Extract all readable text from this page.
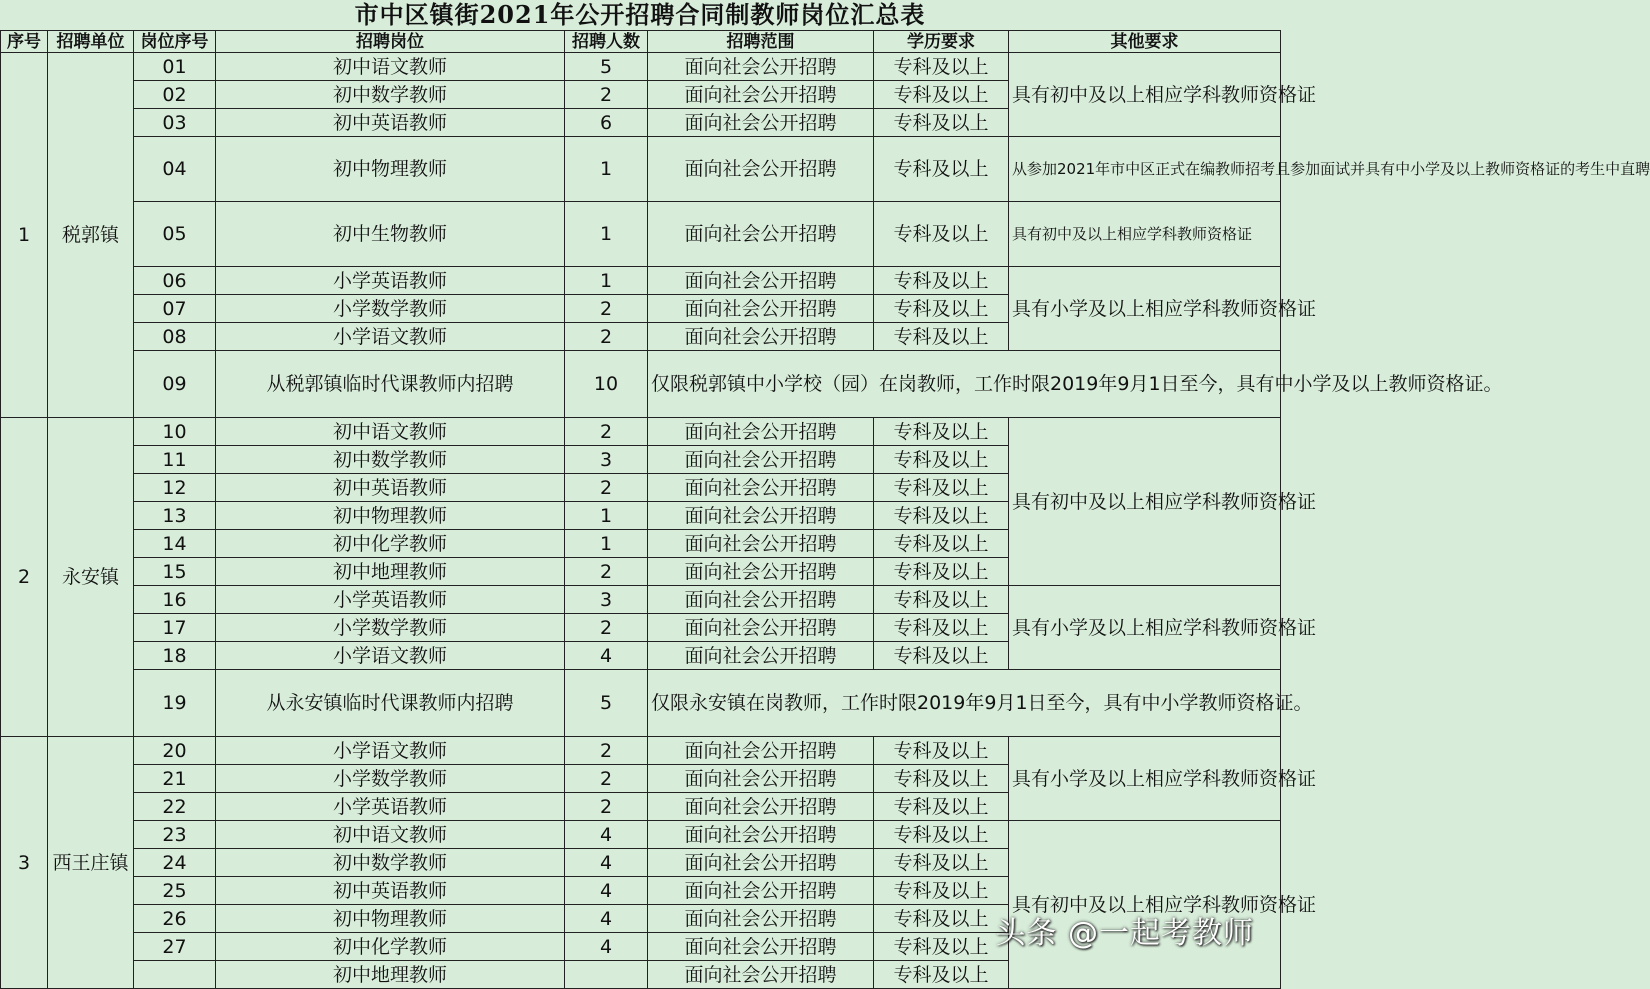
市中区镇街2021年公开招聘合同制教师岗位汇总表
序号	招聘单位	岗位序号	招聘岗位	招聘人数	招聘范围	学历要求	其他要求
1	税郭镇	01	初中语文教师	5	面向社会公开招聘	专科及以上	具有初中及以上相应学科教师资格证
		02	初中数学教师	2	面向社会公开招聘	专科及以上	
		03	初中英语教师	6	面向社会公开招聘	专科及以上	
		04	初中物理教师	1	面向社会公开招聘	专科及以上	从参加2021年市中区正式在编教师招考且参加面试并具有中小学及以上教师资格证的考生中直聘
		05	初中生物教师	1	面向社会公开招聘	专科及以上	具有初中及以上相应学科教师资格证
		06	小学英语教师	1	面向社会公开招聘	专科及以上	具有小学及以上相应学科教师资格证
		07	小学数学教师	2	面向社会公开招聘	专科及以上	
		08	小学语文教师	2	面向社会公开招聘	专科及以上	
		09	从税郭镇临时代课教师内招聘	10	仅限税郭镇中小学校（园）在岗教师，工作时限2019年9月1日至今，具有中小学及以上教师资格证。		
2	永安镇	10	初中语文教师	2	面向社会公开招聘	专科及以上	具有初中及以上相应学科教师资格证
		11	初中数学教师	3	面向社会公开招聘	专科及以上	
		12	初中英语教师	2	面向社会公开招聘	专科及以上	
		13	初中物理教师	1	面向社会公开招聘	专科及以上	
		14	初中化学教师	1	面向社会公开招聘	专科及以上	
		15	初中地理教师	2	面向社会公开招聘	专科及以上	
		16	小学英语教师	3	面向社会公开招聘	专科及以上	具有小学及以上相应学科教师资格证
		17	小学数学教师	2	面向社会公开招聘	专科及以上	
		18	小学语文教师	4	面向社会公开招聘	专科及以上	
		19	从永安镇临时代课教师内招聘	5	仅限永安镇在岗教师，工作时限2019年9月1日至今，具有中小学教师资格证。		
3	西王庄镇	20	小学语文教师	2	面向社会公开招聘	专科及以上	具有小学及以上相应学科教师资格证
		21	小学数学教师	2	面向社会公开招聘	专科及以上	
		22	小学英语教师	2	面向社会公开招聘	专科及以上	
		23	初中语文教师	4	面向社会公开招聘	专科及以上	具有初中及以上相应学科教师资格证
		24	初中数学教师	4	面向社会公开招聘	专科及以上	
		25	初中英语教师	4	面向社会公开招聘	专科及以上	
		26	初中物理教师	4	面向社会公开招聘	专科及以上	
		27	初中化学教师	4	面向社会公开招聘	专科及以上	
			初中地理教师		面向社会公开招聘	专科及以上	
头条 @一起考教师
